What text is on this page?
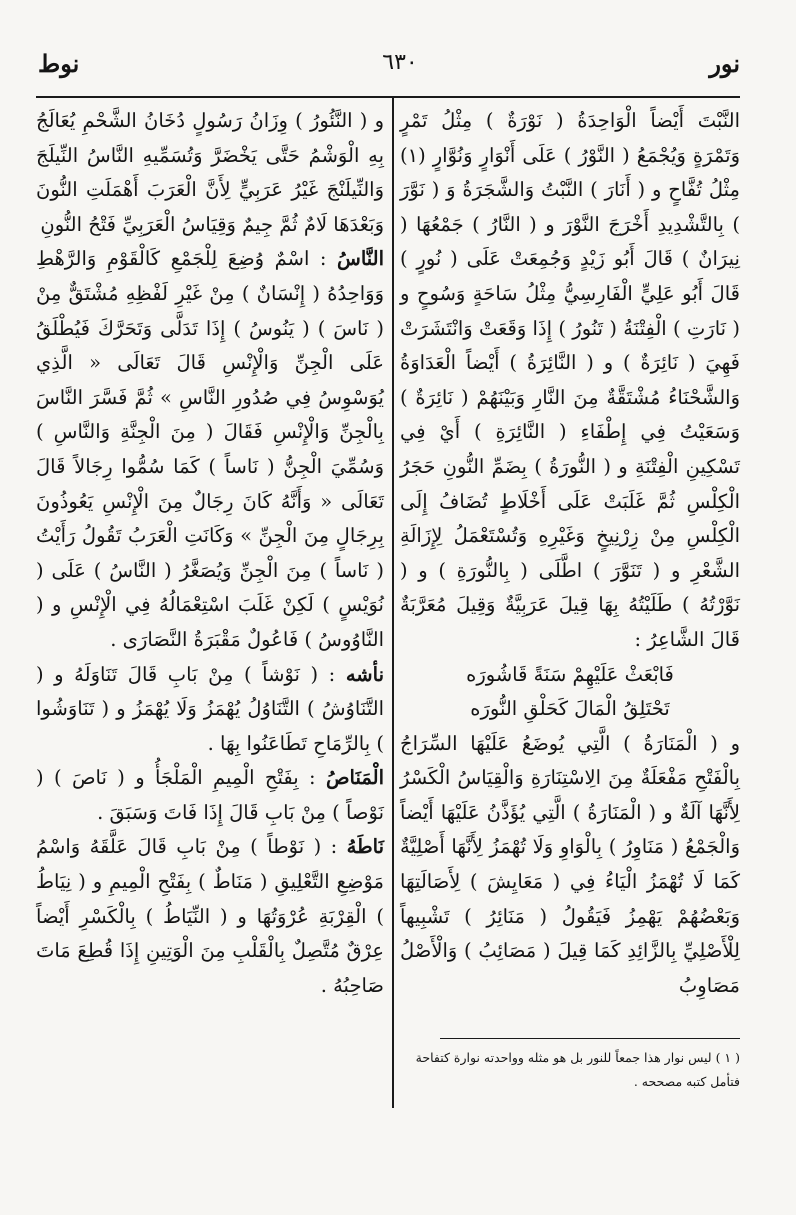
نور
٦٣٠
نوط

النَّبْتَ أَيْضاً الْوَاحِدَةُ ( نَوْرَةٌ ) مِثْلُ تَمْرٍ وَتَمْرَةٍ وَيُجْمَعُ ( النَّوْرُ ) عَلَى أَنْوَارٍ وَنُوَّارٍ (١) مِثْلُ تُفَّاحٍ و ( أَنَارَ ) النَّبْتُ وَالشَّجَرَةُ وَ ( نَوَّرَ ) بِالتَّشْدِيدِ أَخْرَجَ النَّوْرَ و ( النَّارُ ) جَمْعُهَا ( نِيرَانٌ ) قَالَ أَبُو زَيْدٍ وَجُمِعَتْ عَلَى ( نُورٍ ) قَالَ أَبُو عَلِيٍّ الْفَارِسِيُّ مِثْلُ سَاحَةٍ وَسُوحٍ و ( نَارَتِ ) الْفِتْنَةُ ( تَنُورُ ) إِذَا وَقَعَتْ وَانْتَشَرَتْ فَهِيَ ( نَائِرَةٌ ) و ( النَّائِرَةُ ) أَيْضاً الْعَدَاوَةُ وَالشَّحْنَاءُ مُشْتَقَّةٌ مِنَ النَّارِ وَبَيْنَهُمْ ( نَائِرَةٌ ) وَسَعَيْتُ فِي إِطْفَاءِ ( النَّائِرَةِ ) أَيْ فِي تَسْكِينِ الْفِتْنَةِ و ( النُّورَةُ ) بِضَمِّ النُّونِ حَجَرُ الْكِلْسِ ثُمَّ غَلَبَتْ عَلَى أَخْلَاطٍ تُضَافُ إِلَى الْكِلْسِ مِنْ زِرْنِيخٍ وَغَيْرِهِ وَتُسْتَعْمَلُ لِإِزَالَةِ الشَّعْرِ و ( تَنَوَّرَ ) اطَّلَى ( بِالنُّورَةِ ) و ( نَوَّرْتُهُ ) طَلَيْتُهُ بِهَا قِيلَ عَرَبِيَّةٌ وَقِيلَ مُعَرَّبَةٌ قَالَ الشَّاعِرُ :

فَابْعَثْ عَلَيْهِمْ سَنَةً قَاشُورَه

تَحْتَلِقُ الْمَالَ كَحَلْقِ النُّورَه

و ( الْمَنَارَةُ ) الَّتِي يُوضَعُ عَلَيْهَا السِّرَاجُ بِالْفَتْحِ مَفْعَلَةٌ مِنَ الِاسْتِنَارَةِ وَالْقِيَاسُ الْكَسْرُ لِأَنَّهَا آلَةٌ و ( الْمَنَارَةُ ) الَّتِي يُؤَذَّنُ عَلَيْهَا أَيْضاً وَالْجَمْعُ ( مَنَاوِرُ ) بِالْوَاوِ وَلَا تُهْمَزُ لِأَنَّهَا أَصْلِيَّةٌ كَمَا لَا تُهْمَزُ الْيَاءُ فِي ( مَعَايِشَ ) لِأَصَالَتِهَا وَبَعْضُهُمْ يَهْمِزُ فَيَقُولُ ( مَنَائِرُ ) تَشْبِيهاً لِلْأَصْلِيِّ بِالزَّائِدِ كَمَا قِيلَ ( مَصَائِبُ ) وَالْأَصْلُ مَصَاوِبُ

و ( النَّئُورُ ) وِزَانُ رَسُولٍ دُخَانُ الشَّحْمِ يُعَالَجُ بِهِ الْوَشْمُ حَتَّى يَخْضَرَّ وَتُسَمِّيهِ النَّاسُ النِّيلَجَ وَالنِّيلَنْجَ غَيْرُ عَرَبِيٍّ لِأَنَّ الْعَرَبَ أَهْمَلَتِ النُّونَ وَبَعْدَهَا لَامٌ ثُمَّ جِيمٌ وَقِيَاسُ الْعَرَبِيِّ فَتْحُ النُّونِ

النَّاسُ : اسْمٌ وُضِعَ لِلْجَمْعِ كَالْقَوْمِ وَالرَّهْطِ وَوَاحِدُهُ ( إِنْسَانٌ ) مِنْ غَيْرِ لَفْظِهِ مُشْتَقٌّ مِنْ ( نَاسَ ) ( يَنُوسُ ) إِذَا تَدَلَّى وَتَحَرَّكَ فَيُطْلَقُ عَلَى الْجِنِّ وَالْإِنْسِ قَالَ تَعَالَى « الَّذِي يُوَسْوِسُ فِي صُدُورِ النَّاسِ » ثُمَّ فَسَّرَ النَّاسَ بِالْجِنِّ وَالْإِنْسِ فَقَالَ ( مِنَ الْجِنَّةِ وَالنَّاسِ ) وَسُمِّيَ الْجِنُّ ( نَاساً ) كَمَا سُمُّوا رِجَالاً قَالَ تَعَالَى « وَأَنَّهُ كَانَ رِجَالٌ مِنَ الْإِنْسِ يَعُوذُونَ بِرِجَالٍ مِنَ الْجِنِّ » وَكَانَتِ الْعَرَبُ تَقُولُ رَأَيْتُ ( نَاساً ) مِنَ الْجِنِّ وَيُصَغَّرُ ( النَّاسُ ) عَلَى ( نُوَيْسٍ ) لَكِنْ غَلَبَ اسْتِعْمَالُهُ فِي الْإِنْسِ و ( النَّاوُوسُ ) فَاعُولٌ مَقْبَرَةُ النَّصَارَى .

نأشه : ( نَوْشاً ) مِنْ بَابِ قَالَ تَنَاوَلَهُ و ( التَّنَاوُشُ ) التَّنَاوُلُ يُهْمَزُ وَلَا يُهْمَزُ و ( تَنَاوَشُوا ) بِالرِّمَاحِ تَطَاعَنُوا بِهَا .

الْمَنَاصُ : بِفَتْحِ الْمِيمِ الْمَلْجَأُ و ( نَاصَ ) ( نَوْصاً ) مِنْ بَابِ قَالَ إِذَا فَاتَ وَسَبَقَ .

نَاطَهُ : ( نَوْطاً ) مِنْ بَابِ قَالَ عَلَّقَهُ وَاسْمُ مَوْضِعِ التَّعْلِيقِ ( مَنَاطٌ ) بِفَتْحِ الْمِيمِ و ( نِيَاطُ ) الْقِرْبَةِ عُرْوَتُهَا و ( النِّيَاطُ ) بِالْكَسْرِ أَيْضاً عِرْقٌ مُتَّصِلٌ بِالْقَلْبِ مِنَ الْوَتِينِ إِذَا قُطِعَ مَاتَ صَاحِبُهُ .

( ١ ) ليس نوار هذا جمعاً للنور بل هو مثله وواحدته نوارة كتفاحة فتأمل كتبه مصححه .
